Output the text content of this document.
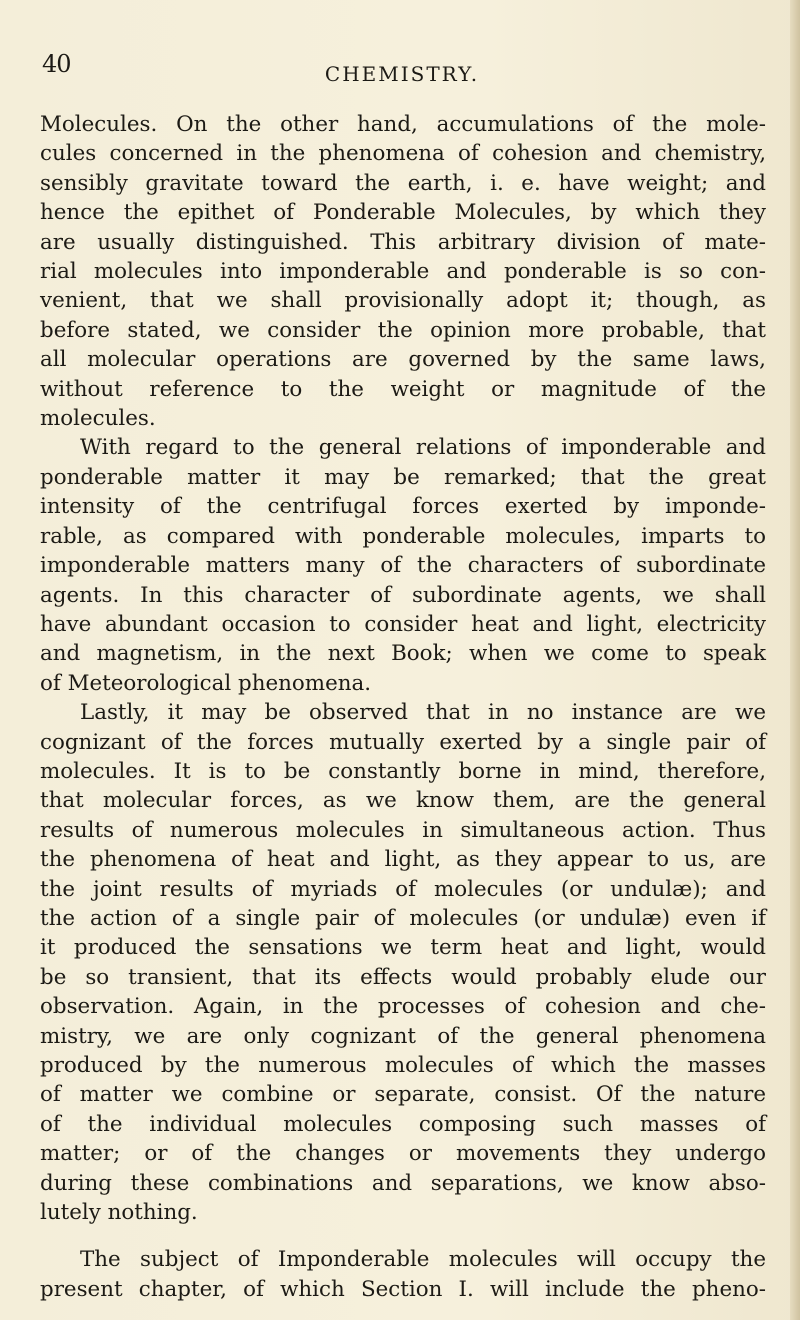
40	CHEMISTRY.

Molecules. On the other hand, accumulations of the mole-
cules concerned in the phenomena of cohesion and chemistry,
sensibly gravitate toward the earth, i. e. have weight; and
hence the epithet of Ponderable Molecules, by which they
are usually distinguished. This arbitrary division of mate-
rial molecules into imponderable and ponderable is so con-
venient, that we shall provisionally adopt it; though, as
before stated, we consider the opinion more probable, that
all molecular operations are governed by the same laws,
without reference to the weight or magnitude of the
molecules.

With regard to the general relations of imponderable and
ponderable matter it may be remarked; that the great
intensity of the centrifugal forces exerted by imponde-
rable, as compared with ponderable molecules, imparts to
imponderable matters many of the characters of subordinate
agents. In this character of subordinate agents, we shall
have abundant occasion to consider heat and light, electricity
and magnetism, in the next Book; when we come to speak
of Meteorological phenomena.

Lastly, it may be observed that in no instance are we
cognizant of the forces mutually exerted by a single pair of
molecules. It is to be constantly borne in mind, therefore,
that molecular forces, as we know them, are the general
results of numerous molecules in simultaneous action. Thus
the phenomena of heat and light, as they appear to us, are
the joint results of myriads of molecules (or undulæ); and
the action of a single pair of molecules (or undulæ) even if
it produced the sensations we term heat and light, would
be so transient, that its effects would probably elude our
observation. Again, in the processes of cohesion and che-
mistry, we are only cognizant of the general phenomena
produced by the numerous molecules of which the masses
of matter we combine or separate, consist. Of the nature
of the individual molecules composing such masses of
matter; or of the changes or movements they undergo
during these combinations and separations, we know abso-
lutely nothing.

The subject of Imponderable molecules will occupy the
present chapter, of which Section I. will include the pheno-
